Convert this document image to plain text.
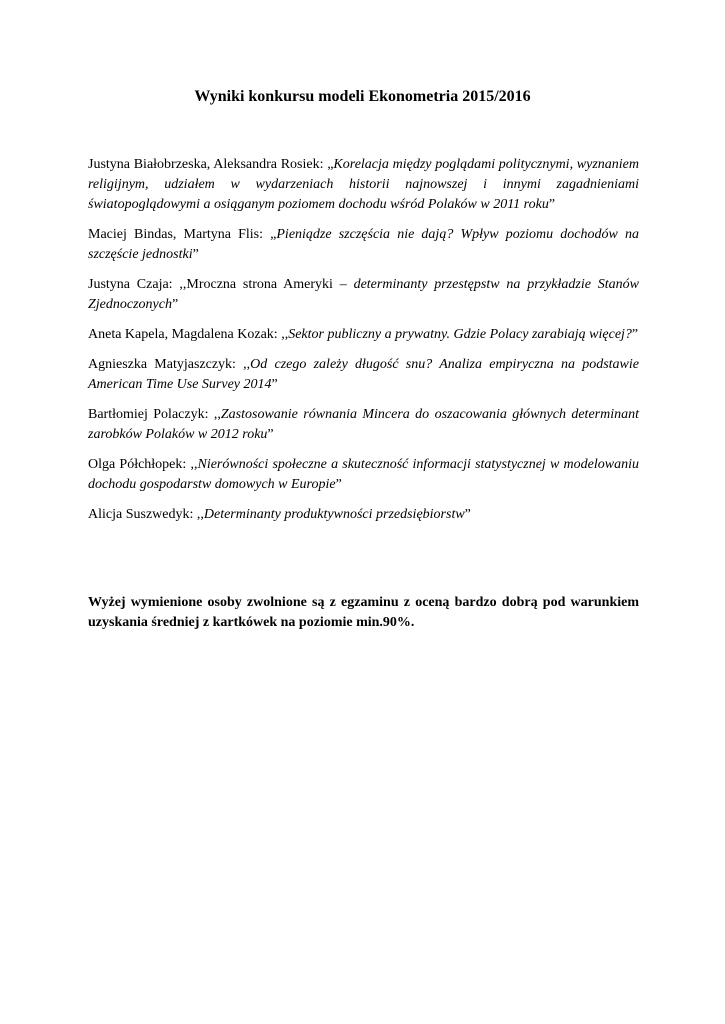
Wyniki konkursu modeli Ekonometria 2015/2016

Justyna Białobrzeska, Aleksandra Rosiek: „Korelacja między poglądami politycznymi, wyznaniem religijnym, udziałem w wydarzeniach historii najnowszej i innymi zagadnieniami światopoglądowymi a osiąganym poziomem dochodu wśród Polaków w 2011 roku”

Maciej Bindas, Martyna Flis: „Pieniądze szczęścia nie dają? Wpływ poziomu dochodów na szczęście jednostki”

Justyna Czaja: ,,Mroczna strona Ameryki – determinanty przestępstw na przykładzie Stanów Zjednoczonych”

Aneta Kapela, Magdalena Kozak: ,,Sektor publiczny a prywatny. Gdzie Polacy zarabiają więcej?”

Agnieszka Matyjaszczyk: ,,Od czego zależy długość snu? Analiza empiryczna na podstawie American Time Use Survey 2014”

Bartłomiej Polaczyk: ,,Zastosowanie równania Mincera do oszacowania głównych determinant zarobków Polaków w 2012 roku”

Olga Półchłopek: ,,Nierówności społeczne a skuteczność informacji statystycznej w modelowaniu dochodu gospodarstw domowych w Europie”

Alicja Suszwedyk: ,,Determinanty produktywności przedsiębiorstw”

Wyżej wymienione osoby zwolnione są z egzaminu z oceną bardzo dobrą pod warunkiem uzyskania średniej z kartkówek na poziomie min.90%.
